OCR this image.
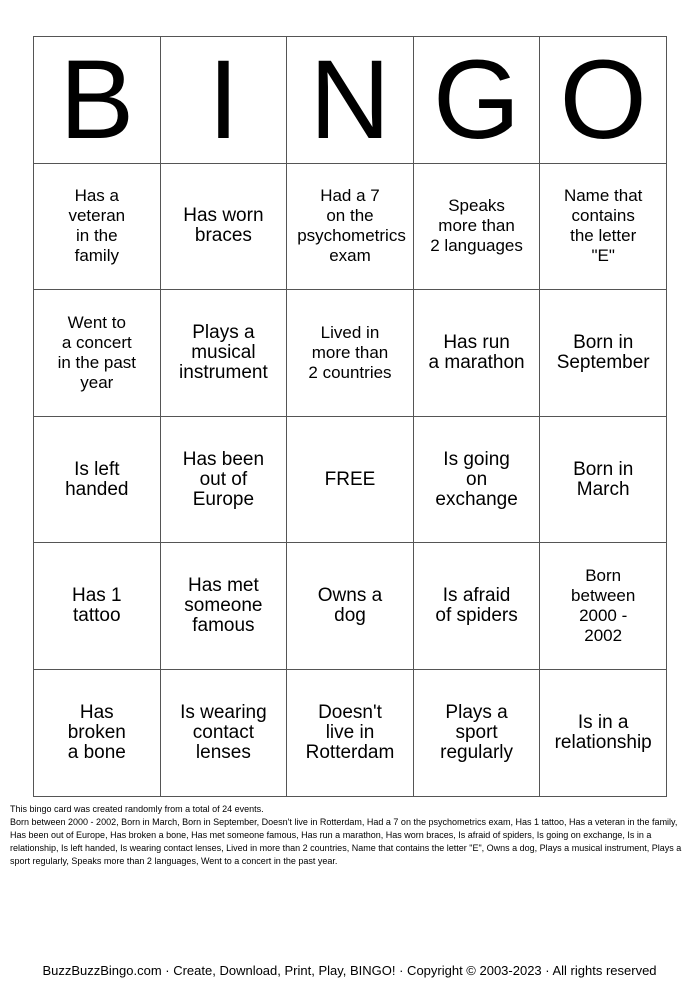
B	I	N	G	O

Has a
veteran
in the
family	Has worn
braces	Had a 7
on the
psychometrics
exam	Speaks
more than
2 languages	Name that
contains
the letter
"E"

Went to
a concert
in the past
year	Plays a
musical
instrument	Lived in
more than
2 countries	Has run
a marathon	Born in
September

Is left
handed	Has been
out of
Europe	FREE	Is going
on
exchange	Born in
March

Has 1
tattoo	Has met
someone
famous	Owns a
dog	Is afraid
of spiders	Born
between
2000 -
2002

Has
broken
a bone	Is wearing
contact
lenses	Doesn't
live in
Rotterdam	Plays a
sport
regularly	Is in a
relationship

This bingo card was created randomly from a total of 24 events.

Born between 2000 - 2002, Born in March, Born in September, Doesn't live in Rotterdam, Had a 7 on the psychometrics exam, Has 1 tattoo, Has a veteran in the family, Has been out of Europe, Has broken a bone, Has met someone famous, Has run a marathon, Has worn braces, Is afraid of spiders, Is going on exchange, Is in a relationship, Is left handed, Is wearing contact lenses, Lived in more than 2 countries, Name that contains the letter "E", Owns a dog, Plays a musical instrument, Plays a sport regularly, Speaks more than 2 languages, Went to a concert in the past year.

BuzzBuzzBingo.com · Create, Download, Print, Play, BINGO! · Copyright © 2003-2023 · All rights reserved
